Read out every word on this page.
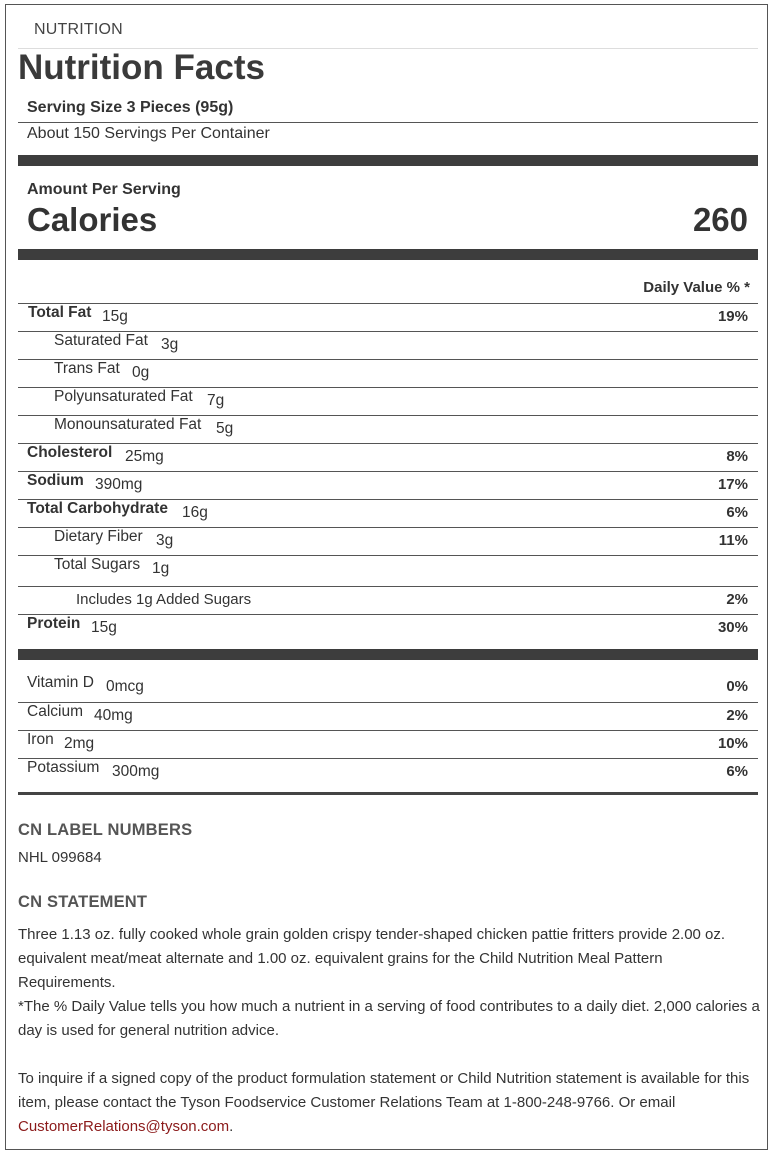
NUTRITION
Nutrition Facts
Serving Size 3 Pieces (95g)
About 150 Servings Per Container
Amount Per Serving
Calories	260
Daily Value % *
Total Fat 15g	19%
Saturated Fat 3g
Trans Fat 0g
Polyunsaturated Fat 7g
Monounsaturated Fat 5g
Cholesterol 25mg	8%
Sodium 390mg	17%
Total Carbohydrate 16g	6%
Dietary Fiber 3g	11%
Total Sugars 1g
Includes 1g Added Sugars	2%
Protein 15g	30%
Vitamin D 0mcg	0%
Calcium 40mg	2%
Iron 2mg	10%
Potassium 300mg	6%
CN LABEL NUMBERS
NHL 099684
CN STATEMENT
Three 1.13 oz. fully cooked whole grain golden crispy tender-shaped chicken pattie fritters provide 2.00 oz. equivalent meat/meat alternate and 1.00 oz. equivalent grains for the Child Nutrition Meal Pattern Requirements.
*The % Daily Value tells you how much a nutrient in a serving of food contributes to a daily diet. 2,000 calories a day is used for general nutrition advice.
To inquire if a signed copy of the product formulation statement or Child Nutrition statement is available for this item, please contact the Tyson Foodservice Customer Relations Team at 1-800-248-9766. Or email CustomerRelations@tyson.com.
